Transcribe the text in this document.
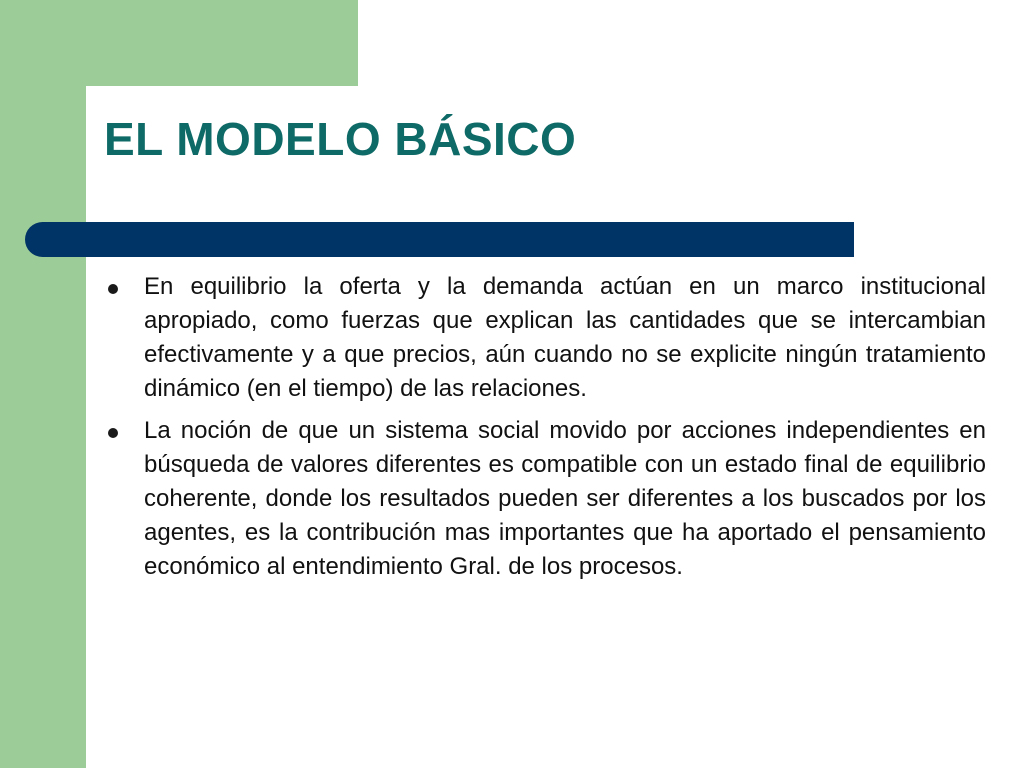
EL MODELO BÁSICO
En equilibrio la oferta y la demanda actúan en un marco institucional apropiado, como fuerzas que explican las cantidades que se intercambian efectivamente y a que precios, aún cuando no se explicite ningún tratamiento dinámico (en el tiempo) de las relaciones.
La noción de que un sistema social movido por acciones independientes en búsqueda de valores diferentes es compatible con un estado final de equilibrio coherente, donde los resultados pueden ser diferentes a los buscados por los agentes, es la contribución mas importantes que ha aportado el pensamiento económico al entendimiento Gral. de los procesos.
